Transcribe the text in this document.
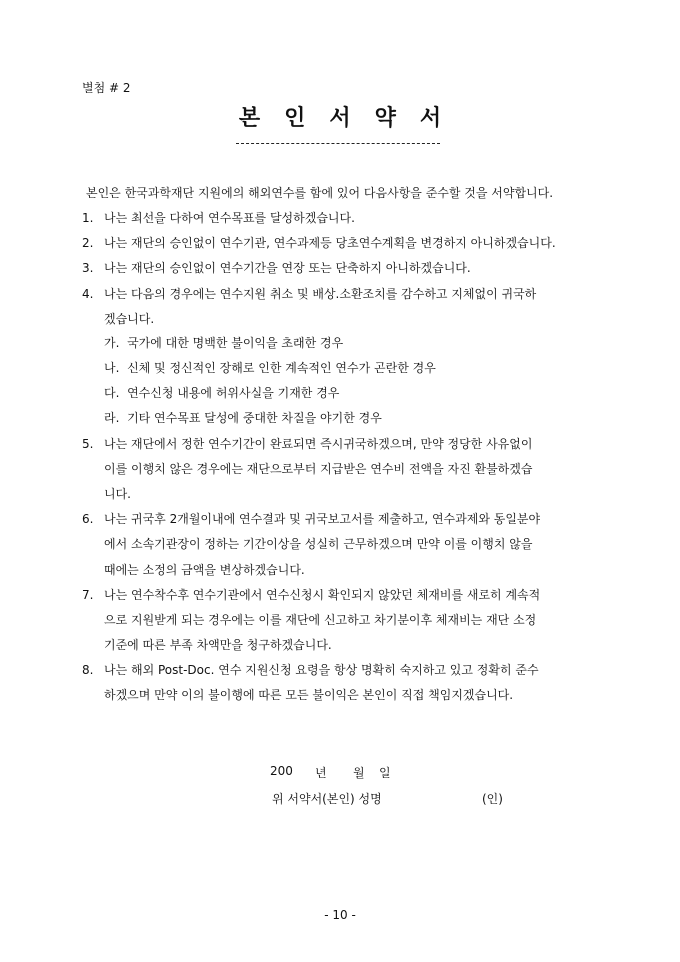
별첨 # 2
본인서약서
본인은 한국과학재단 지원에의 해외연수를 함에 있어 다음사항을 준수할 것을 서약합니다.
1. 나는 최선을 다하여 연수목표를 달성하겠습니다.
2. 나는 재단의 승인없이 연수기관, 연수과제등 당초연수계획을 변경하지 아니하겠습니다.
3. 나는 재단의 승인없이 연수기간을 연장 또는 단축하지 아니하겠습니다.
4. 나는 다음의 경우에는 연수지원 취소 및 배상.소환조치를 감수하고 지체없이 귀국하
겠습니다.
가. 국가에 대한 명백한 불이익을 초래한 경우
나. 신체 및 정신적인 장해로 인한 계속적인 연수가 곤란한 경우
다. 연수신청 내용에 허위사실을 기재한 경우
라. 기타 연수목표 달성에 중대한 차질을 야기한 경우
5. 나는 재단에서 정한 연수기간이 완료되면 즉시귀국하겠으며, 만약 정당한 사유없이
이를 이행치 않은 경우에는 재단으로부터 지급받은 연수비 전액을 자진 환불하겠습
니다.
6. 나는 귀국후 2개월이내에 연수결과 및 귀국보고서를 제출하고, 연수과제와 동일분야
에서 소속기관장이 정하는 기간이상을 성실히 근무하겠으며 만약 이를 이행치 않을
때에는 소정의 금액을 변상하겠습니다.
7. 나는 연수착수후 연수기관에서 연수신청시 확인되지 않았던 체재비를 새로히 계속적
으로 지원받게 되는 경우에는 이를 재단에 신고하고 차기분이후 체재비는 재단 소정
기준에 따른 부족 차액만을 청구하겠습니다.
8. 나는 해외 Post-Doc. 연수 지원신청 요령을 항상 명확히 숙지하고 있고 정확히 준수
하겠으며 만약 이의 불이행에 따른 모든 불이익은 본인이 직접 책임지겠습니다.
200 년 월 일
위 서약서(본인) 성명	(인)
- 10 -
